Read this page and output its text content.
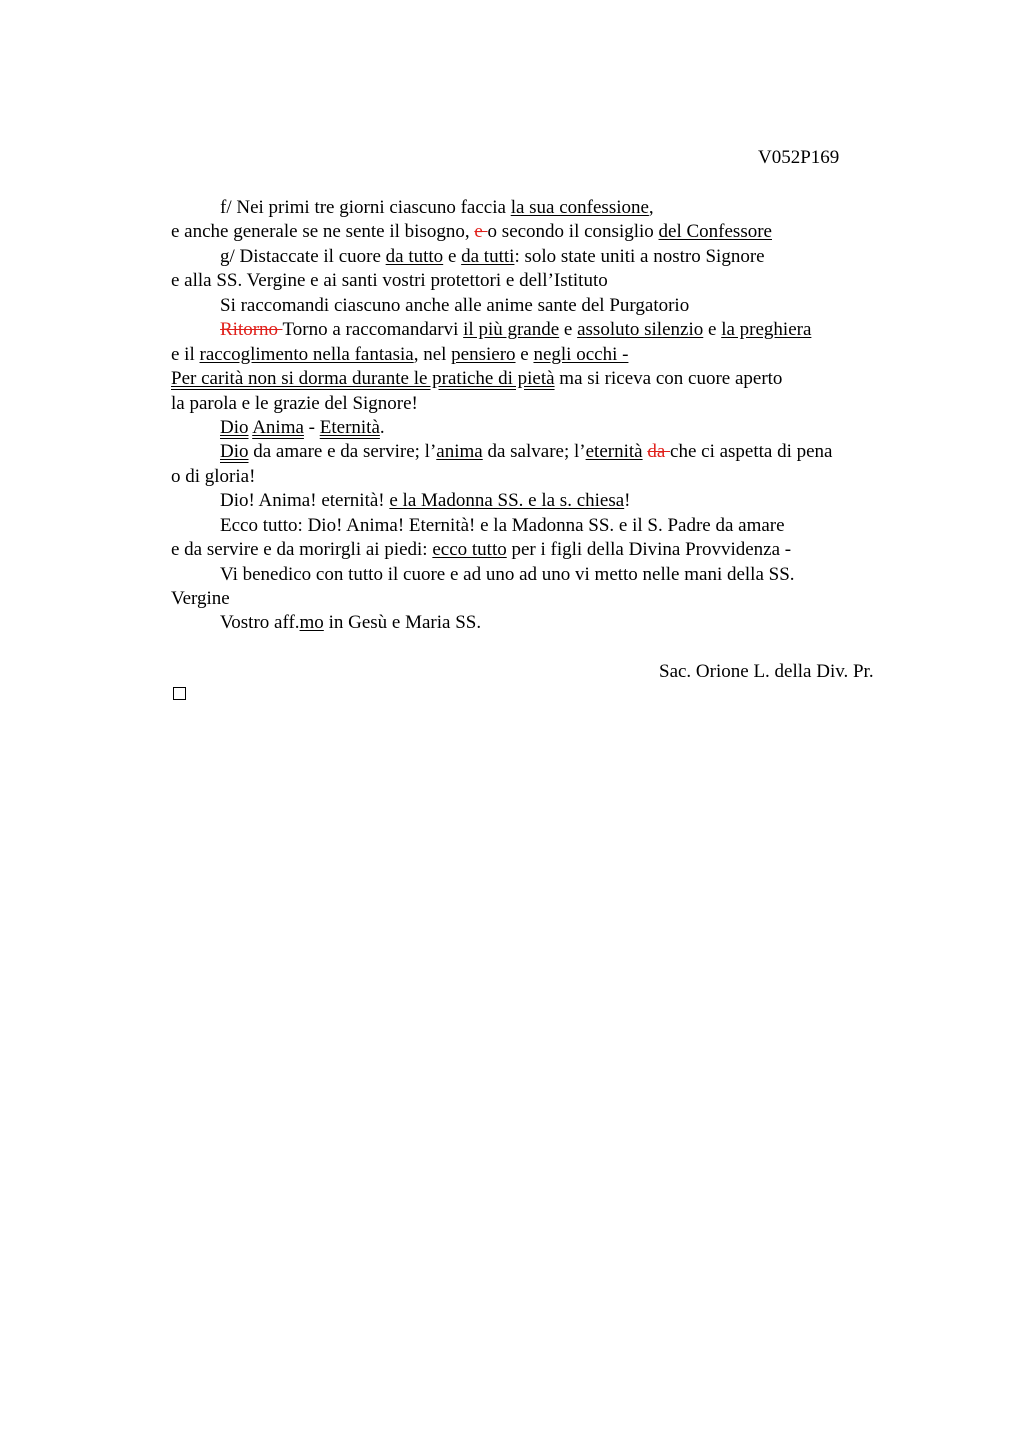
V052P169
f/ Nei primi tre giorni ciascuno faccia la sua confessione,
e anche generale se ne sente il bisogno, e o secondo il consiglio del Confessore
g/ Distaccate il cuore da tutto e da tutti: solo state uniti a nostro Signore
e alla SS. Vergine e ai santi vostri protettori e dell’Istituto
Si raccomandi ciascuno anche alle anime sante del Purgatorio
Ritorno Torno a raccomandarvi il più grande e assoluto silenzio e la preghiera
e il raccoglimento nella fantasia, nel pensiero e negli occhi -
Per carità non si dorma durante le pratiche di pietà ma si riceva con cuore aperto
la parola e le grazie del Signore!
Dio Anima - Eternità.
Dio da amare e da servire; l’anima da salvare; l’eternità da che ci aspetta di pena
o di gloria!
Dio! Anima! eternità! e la Madonna SS. e la s. chiesa!
Ecco tutto: Dio! Anima! Eternità! e la Madonna SS. e il S. Padre da amare
e da servire e da morirgli ai piedi: ecco tutto per i figli della Divina Provvidenza -
Vi benedico con tutto il cuore e ad uno ad uno vi metto nelle mani della SS.
Vergine
Vostro aff.mo in Gesù e Maria SS.
Sac. Orione L. della Div. Pr.
